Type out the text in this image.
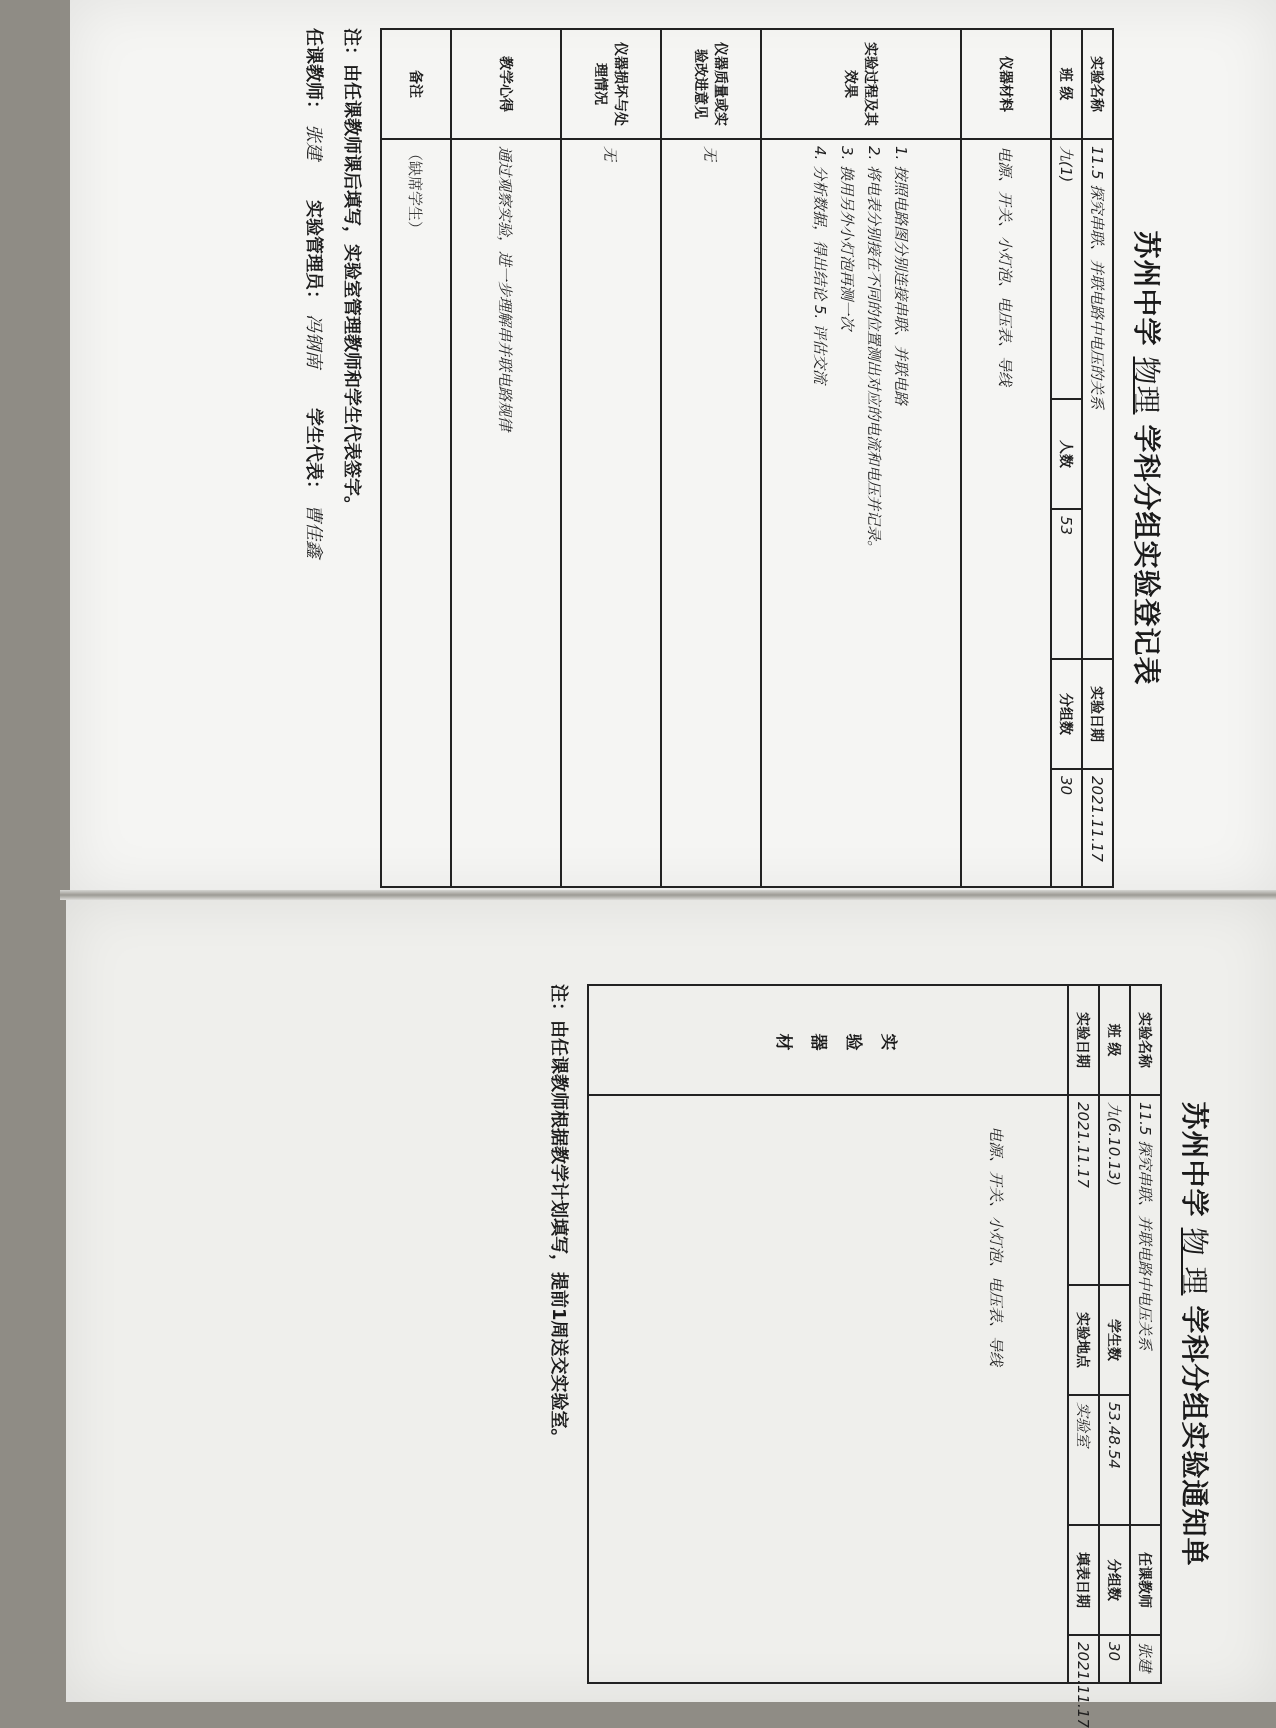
苏州中学物理学科分组实验登记表
实验名称	11.5 探究串联、并联电路中电压的关系			实验日期	2021.11.17
班 级	九(1)	人数	53	分组数	30
仪器材料	电源、开关、小灯泡、电压表、导线				
实验过程及其效果	1. 按照电路图分别连接串联、并联电路
2. 将电表分别接在不同的位置测出对应的电流和电压并记录。
3. 换用另外小灯泡再测一次
4. 分析数据，得出结论 5. 评估交流				

仪器质量或实验改进意见	无				
仪器损坏与处理情况	无				
教学心得	通过观察实验，进一步理解串并联电路规律				
备注	（缺席学生）				
注：由任课教师课后填写，实验室管理教师和学生代表签字。
任课教师：张建
实验管理员：冯钢南
学生代表：曹佳鑫
苏州中学物 理学科分组实验通知单
实验名称	11.5 探究串联、并联电路中电压关系			任课教师	张建
班 级	九(6.10.13)	学生数	53.48.54	分组数	30
实验日期	2021.11.17	实验地点	实验室	填表日期	2021.11.17

实验器材	电源、开关、小灯泡、电压表、导线				
注：由任课教师根据教学计划填写，提前1周送交实验室。
